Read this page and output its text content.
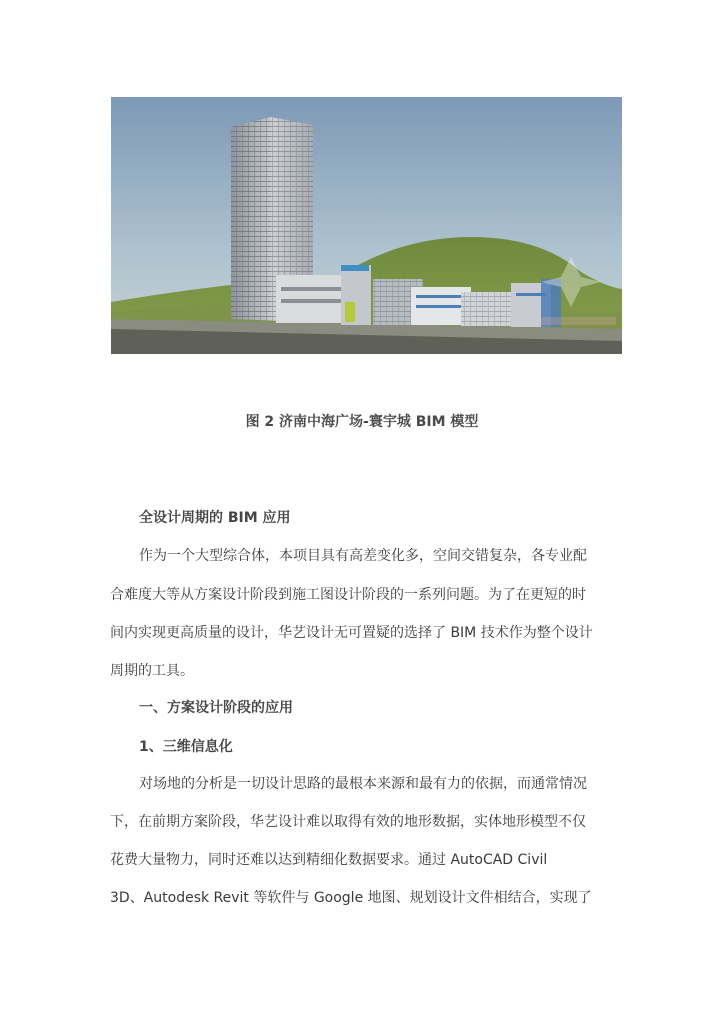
图 2 济南中海广场-寰宇城 BIM 模型
全设计周期的 BIM 应用
作为一个大型综合体，本项目具有高差变化多，空间交错复杂，各专业配
合难度大等从方案设计阶段到施工图设计阶段的一系列问题。为了在更短的时
间内实现更高质量的设计，华艺设计无可置疑的选择了 BIM 技术作为整个设计
周期的工具。
一、方案设计阶段的应用
1、三维信息化
对场地的分析是一切设计思路的最根本来源和最有力的依据，而通常情况
下，在前期方案阶段，华艺设计难以取得有效的地形数据，实体地形模型不仅
花费大量物力，同时还难以达到精细化数据要求。通过 AutoCAD Civil
3D、Autodesk Revit 等软件与 Google 地图、规划设计文件相结合，实现了
